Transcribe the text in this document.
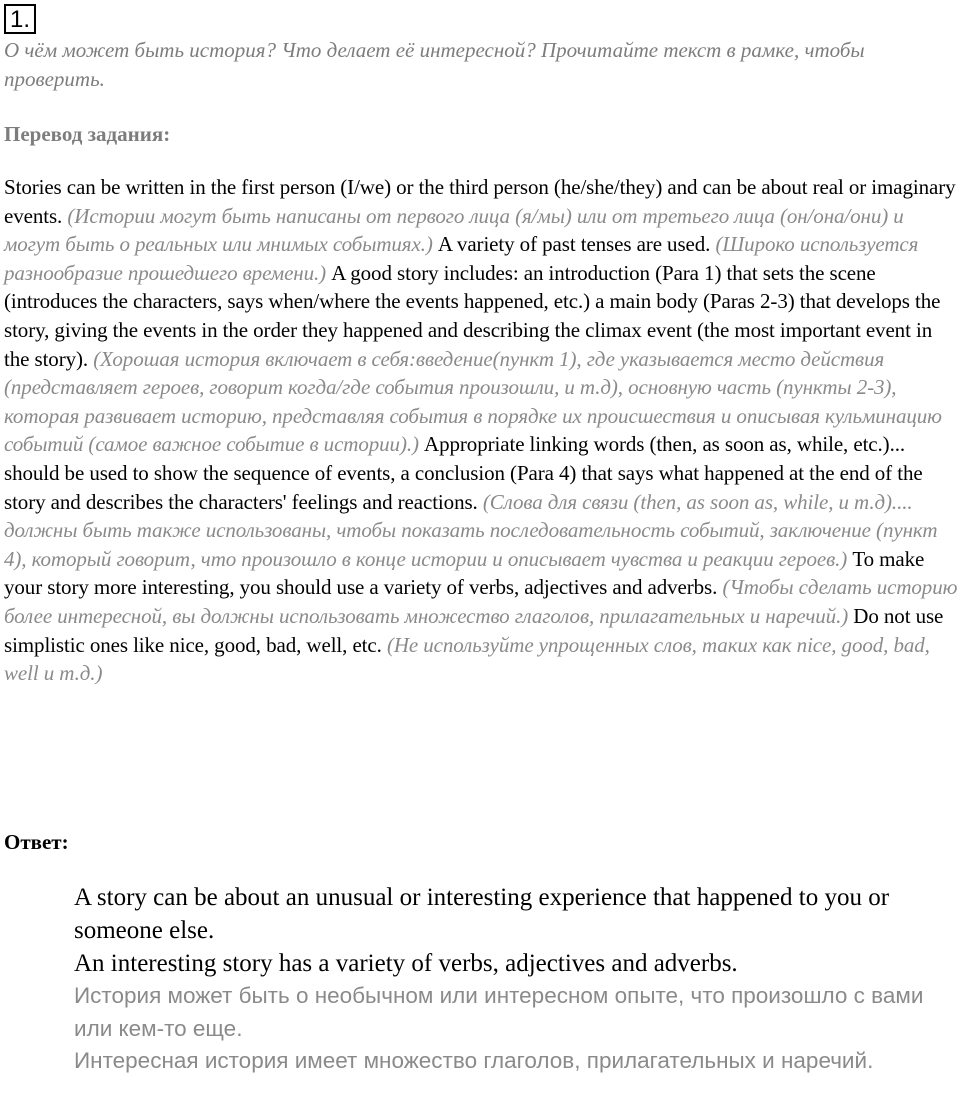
1.

О чём может быть история? Что делает её интересной? Прочитайте текст в рамке, чтобы проверить.

Перевод задания:

Stories can be written in the first person (I/we) or the third person (he/she/they) and can be about real or imaginary events. (Истории могут быть написаны от первого лица (я/мы) или от третьего лица (он/она/они) и могут быть о реальных или мнимых событиях.) A variety of past tenses are used. (Широко используется разнообразие прошедшего времени.) A good story includes: an introduction (Para 1) that sets the scene (introduces the characters, says when/where the events happened, etc.) a main body (Paras 2-3) that develops the story, giving the events in the order they happened and describing the climax event (the most important event in the story). (Хорошая история включает в себя:введение(пункт 1), где указывается место действия (представляет героев, говорит когда/где события произошли, и т.д), основную часть (пункты 2-3), которая развивает историю, представляя события в порядке их происшествия и описывая кульминацию событий (самое важное событие в истории).) Appropriate linking words (then, as soon as, while, etc.)... should be used to show the sequence of events, a conclusion (Para 4) that says what happened at the end of the story and describes the characters' feelings and reactions. (Слова для связи (then, as soon as, while, и т.д).... должны быть также использованы, чтобы показать последовательность событий, заключение (пункт 4), который говорит, что произошло в конце истории и описывает чувства и реакции героев.) To make your story more interesting, you should use a variety of verbs, adjectives and adverbs. (Чтобы сделать историю более интересной, вы должны использовать множество глаголов, прилагательных и наречий.) Do not use simplistic ones like nice, good, bad, well, etc. (Не используйте упрощенных слов, таких как nice, good, bad, well и т.д.)

Ответ:

A story can be about an unusual or interesting experience that happened to you or someone else.

An interesting story has a variety of verbs, adjectives and adverbs.

История может быть о необычном или интересном опыте, что произошло с вами или кем-то еще.

Интересная история имеет множество глаголов, прилагательных и наречий.
